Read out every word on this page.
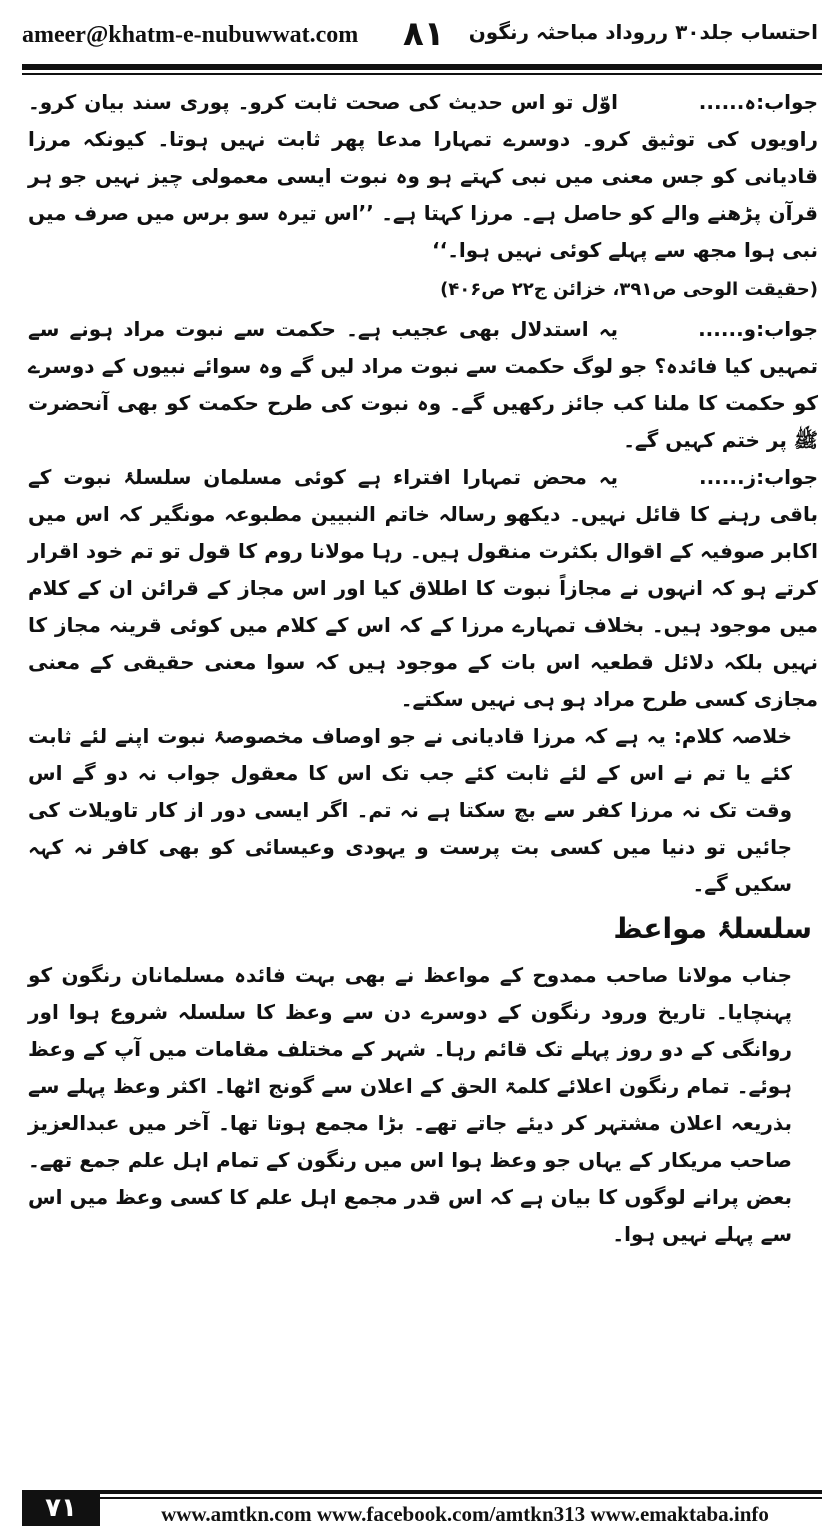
ameer@khatm-e-nubuwwat.com ۸۱ احتساب جلد۳۰ رروداد مباحثہ رنگون

جواب:ہ......اوّل تو اس حدیث کی صحت ثابت کرو۔ پوری سند بیان کرو۔ راویوں کی توثیق کرو۔ دوسرے تمہارا مدعا پھر ثابت نہیں ہوتا۔ کیونکہ مرزا قادیانی کو جس معنی میں نبی کہتے ہو وہ نبوت ایسی معمولی چیز نہیں جو ہر قرآن پڑھنے والے کو حاصل ہے۔ مرزا کہتا ہے۔ ’’اس تیرہ سو برس میں صرف میں نبی ہوا مجھ سے پہلے کوئی نہیں ہوا۔‘‘

(حقیقت الوحی ص۳۹۱، خزائن ج۲۲ ص۴۰۶)

جواب:و......یہ استدلال بھی عجیب ہے۔ حکمت سے نبوت مراد ہونے سے تمہیں کیا فائدہ؟ جو لوگ حکمت سے نبوت مراد لیں گے وہ سوائے نبیوں کے دوسرے کو حکمت کا ملنا کب جائز رکھیں گے۔ وہ نبوت کی طرح حکمت کو بھی آنحضرت ﷺ پر ختم کہیں گے۔

جواب:ز......یہ محض تمہارا افتراء ہے کوئی مسلمان سلسلۂ نبوت کے باقی رہنے کا قائل نہیں۔ دیکھو رسالہ خاتم النبیین مطبوعہ مونگیر کہ اس میں اکابر صوفیہ کے اقوال بکثرت منقول ہیں۔ رہا مولانا روم کا قول تو تم خود اقرار کرتے ہو کہ انہوں نے مجازاً نبوت کا اطلاق کیا اور اس مجاز کے قرائن ان کے کلام میں موجود ہیں۔ بخلاف تمہارے مرزا کے کہ اس کے کلام میں کوئی قرینہ مجاز کا نہیں بلکہ دلائل قطعیہ اس بات کے موجود ہیں کہ سوا معنی حقیقی کے معنی مجازی کسی طرح مراد ہو ہی نہیں سکتے۔

خلاصہ کلام: یہ ہے کہ مرزا قادیانی نے جو اوصاف مخصوصۂ نبوت اپنے لئے ثابت کئے یا تم نے اس کے لئے ثابت کئے جب تک اس کا معقول جواب نہ دو گے اس وقت تک نہ مرزا کفر سے بچ سکتا ہے نہ تم۔ اگر ایسی دور از کار تاویلات کی جائیں تو دنیا میں کسی بت پرست و یہودی وعیسائی کو بھی کافر نہ کہہ سکیں گے۔

سلسلۂ مواعظ

جناب مولانا صاحب ممدوح کے مواعظ نے بھی بہت فائدہ مسلمانان رنگون کو پہنچایا۔ تاریخ ورود رنگون کے دوسرے دن سے وعظ کا سلسلہ شروع ہوا اور روانگی کے دو روز پہلے تک قائم رہا۔ شہر کے مختلف مقامات میں آپ کے وعظ ہوئے۔ تمام رنگون اعلائے کلمۃ الحق کے اعلان سے گونج اٹھا۔ اکثر وعظ پہلے سے بذریعہ اعلان مشتہر کر دیئے جاتے تھے۔ بڑا مجمع ہوتا تھا۔ آخر میں عبدالعزیز صاحب مریکار کے یہاں جو وعظ ہوا اس میں رنگون کے تمام اہل علم جمع تھے۔ بعض پرانے لوگوں کا بیان ہے کہ اس قدر مجمع اہل علم کا کسی وعظ میں اس سے پہلے نہیں ہوا۔

۷۱	www.amtkn.com www.facebook.com/amtkn313 www.emaktaba.info
